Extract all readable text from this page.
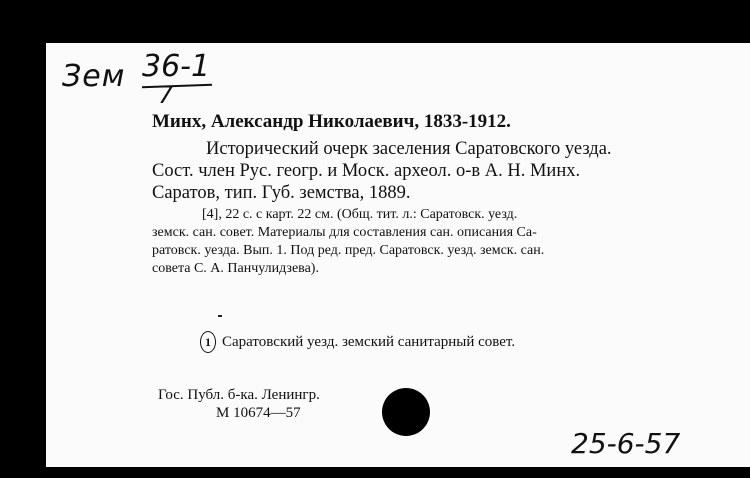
Зем 36-1
7
Минх, Александр Николаевич, 1833-1912.
Исторический очерк заселения Саратовского уезда.
Сост. член Рус. геогр. и Моск. археол. о-в А. Н. Минх.
Саратов, тип. Губ. земства, 1889.
[4], 22 с. с карт. 22 см. (Общ. тит. л.: Саратовск. уезд.
земск. сан. совет. Материалы для составления сан. описания Са-
ратовск. уезда. Вып. 1. Под ред. пред. Саратовск. уезд. земск. сан.
совета С. А. Панчулидзева).
1 Саратовский уезд. земский санитарный совет.
Гос. Публ. б-ка. Ленингр.
М 10674—57
25-6-57
